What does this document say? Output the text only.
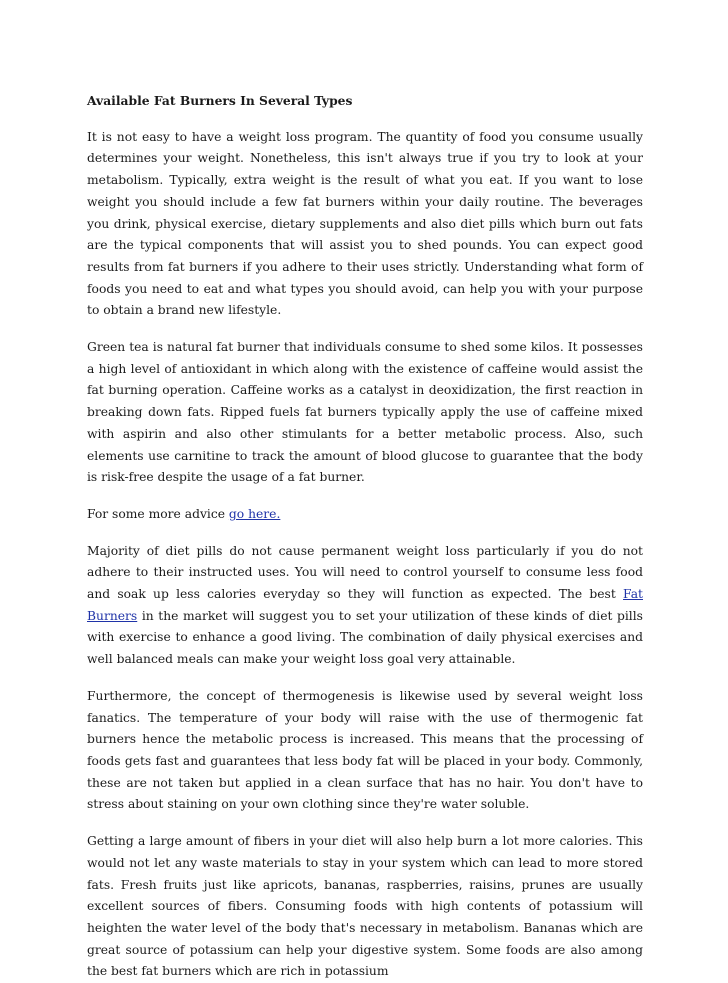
Available Fat Burners In Several Types

It is not easy to have a weight loss program. The quantity of food you consume usually determines your weight. Nonetheless, this isn't always true if you try to look at your metabolism. Typically, extra weight is the result of what you eat. If you want to lose weight you should include a few fat burners within your daily routine. The beverages you drink, physical exercise, dietary supplements and also diet pills which burn out fats are the typical components that will assist you to shed pounds. You can expect good results from fat burners if you adhere to their uses strictly. Understanding what form of foods you need to eat and what types you should avoid, can help you with your purpose to obtain a brand new lifestyle.

Green tea is natural fat burner that individuals consume to shed some kilos. It possesses a high level of antioxidant in which along with the existence of caffeine would assist the fat burning operation. Caffeine works as a catalyst in deoxidization, the first reaction in breaking down fats. Ripped fuels fat burners typically apply the use of caffeine mixed with aspirin and also other stimulants for a better metabolic process. Also, such elements use carnitine to track the amount of blood glucose to guarantee that the body is risk-free despite the usage of a fat burner.

For some more advice go here.

Majority of diet pills do not cause permanent weight loss particularly if you do not adhere to their instructed uses. You will need to control yourself to consume less food and soak up less calories everyday so they will function as expected. The best Fat Burners in the market will suggest you to set your utilization of these kinds of diet pills with exercise to enhance a good living. The combination of daily physical exercises and well balanced meals can make your weight loss goal very attainable.

Furthermore, the concept of thermogenesis is likewise used by several weight loss fanatics. The temperature of your body will raise with the use of thermogenic fat burners hence the metabolic process is increased. This means that the processing of foods gets fast and guarantees that less body fat will be placed in your body. Commonly, these are not taken but applied in a clean surface that has no hair. You don't have to stress about staining on your own clothing since they're water soluble.

Getting a large amount of fibers in your diet will also help burn a lot more calories. This would not let any waste materials to stay in your system which can lead to more stored fats. Fresh fruits just like apricots, bananas, raspberries, raisins, prunes are usually excellent sources of fibers. Consuming foods with high contents of potassium will heighten the water level of the body that's necessary in metabolism. Bananas which are great source of potassium can help your digestive system. Some foods are also among the best fat burners which are rich in potassium
